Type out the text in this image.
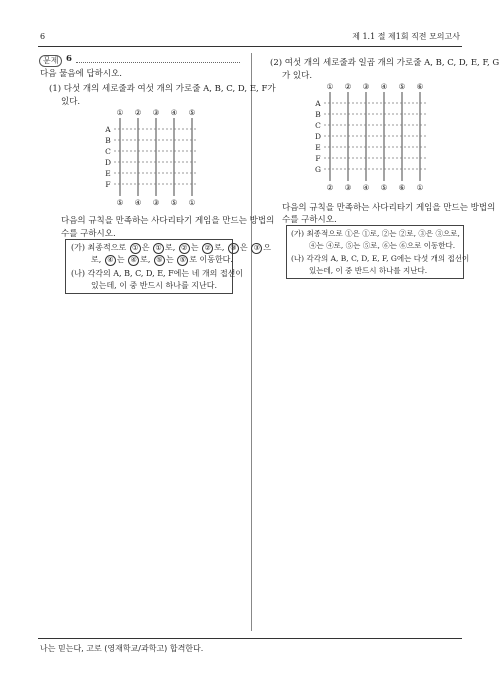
6	제 1.1 절 제1회 직전 모의고사
문제 6
다음 물음에 답하시오.
(1) 다섯 개의 세로줄과 여섯 개의 가로줄 A, B, C, D, E, F가
있다.
① ② ③ ④ ⑤
⑤ ④ ③ ⑤ ①
A
B
C
D
E
F
다음의 규칙을 만족하는 사다리타기 게임을 만드는 방법의
수를 구하시오.
(가) 최종적으로 ① 은 ① 로, ② 는 ② 로, ③ 은 ③ 으
로, ④ 는 ④ 로, ⑤ 는 ⑤ 로 이동한다.
(나) 각각의 A, B, C, D, E, F에는 네 개의 접선이
있는데, 이 중 반드시 하나를 지난다.
(2) 여섯 개의 세로줄과 일곱 개의 가로줄 A, B, C, D, E, F, G
가 있다.
① ② ③ ④ ⑤ ⑥
② ③ ④ ⑤ ⑥ ①
A
B
C
D
E
F
G
다음의 규칙을 만족하는 사다리타기 게임을 만드는 방법의
수를 구하시오.
(가) 최종적으로 ①은 ①로, ②는 ②로, ③은 ③으로,
④는 ④로, ⑤는 ⑤로, ⑥는 ⑥으로 이동한다.
(나) 각각의 A, B, C, D, E, F, G에는 다섯 개의 접선이
있는데, 이 중 반드시 하나를 지난다.
나는 믿는다, 고로 (영재학교/과학고) 합격한다.
